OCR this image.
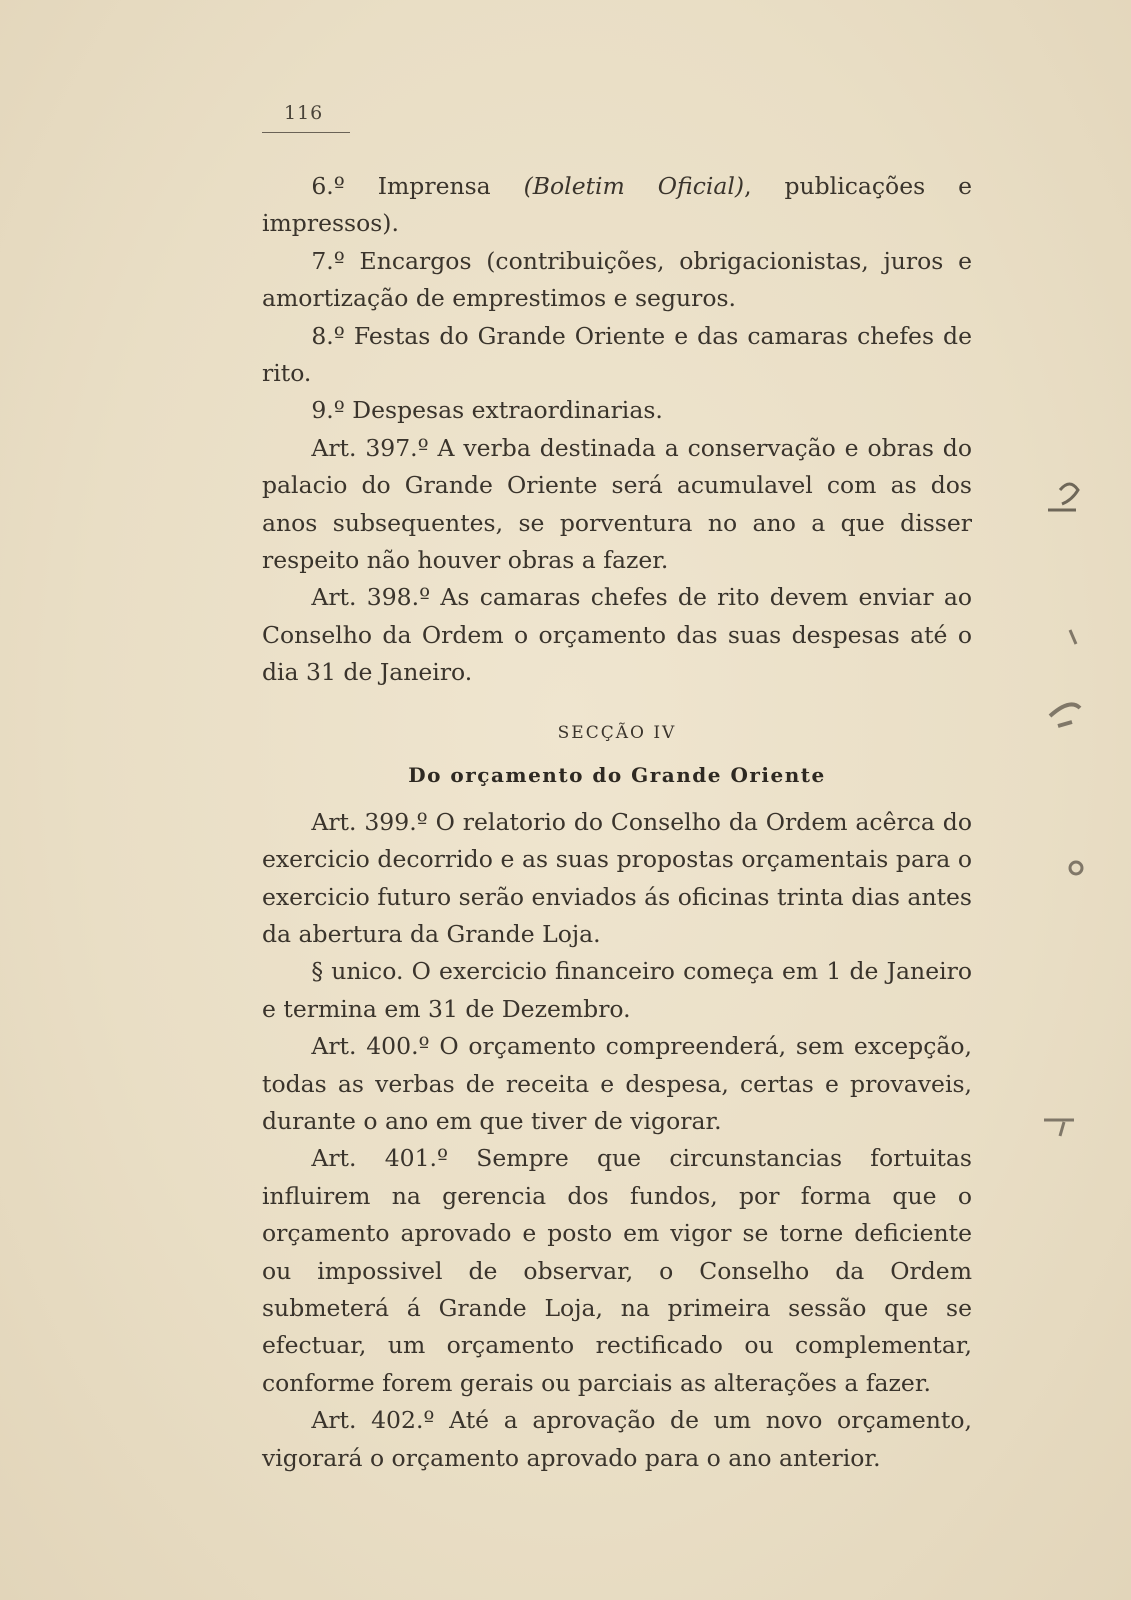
116

6.º Imprensa (Boletim Oficial), publicações e impressos).

7.º Encargos (contribuições, obrigacionistas, juros e amortização de emprestimos e seguros.

8.º Festas do Grande Oriente e das camaras chefes de rito.

9.º Despesas extraordinarias.

Art. 397.º A verba destinada a conservação e obras do palacio do Grande Oriente será acumulavel com as dos anos subsequentes, se porventura no ano a que disser respeito não houver obras a fazer.

Art. 398.º As camaras chefes de rito devem enviar ao Conselho da Ordem o orçamento das suas despesas até o dia 31 de Janeiro.

SECÇÃO IV
Do orçamento do Grande Oriente

Art. 399.º O relatorio do Conselho da Ordem acêrca do exercicio decorrido e as suas propostas orçamentais para o exercicio futuro serão enviados ás oficinas trinta dias antes da abertura da Grande Loja.

§ unico. O exercicio financeiro começa em 1 de Janeiro e termina em 31 de Dezembro.

Art. 400.º O orçamento compreenderá, sem excepção, todas as verbas de receita e despesa, certas e provaveis, durante o ano em que tiver de vigorar.

Art. 401.º Sempre que circunstancias fortuitas influirem na gerencia dos fundos, por forma que o orçamento aprovado e posto em vigor se torne deficiente ou impossivel de observar, o Conselho da Ordem submeterá á Grande Loja, na primeira sessão que se efectuar, um orçamento rectificado ou complementar, conforme forem gerais ou parciais as alterações a fazer.

Art. 402.º Até a aprovação de um novo orçamento, vigorará o orçamento aprovado para o ano anterior.
